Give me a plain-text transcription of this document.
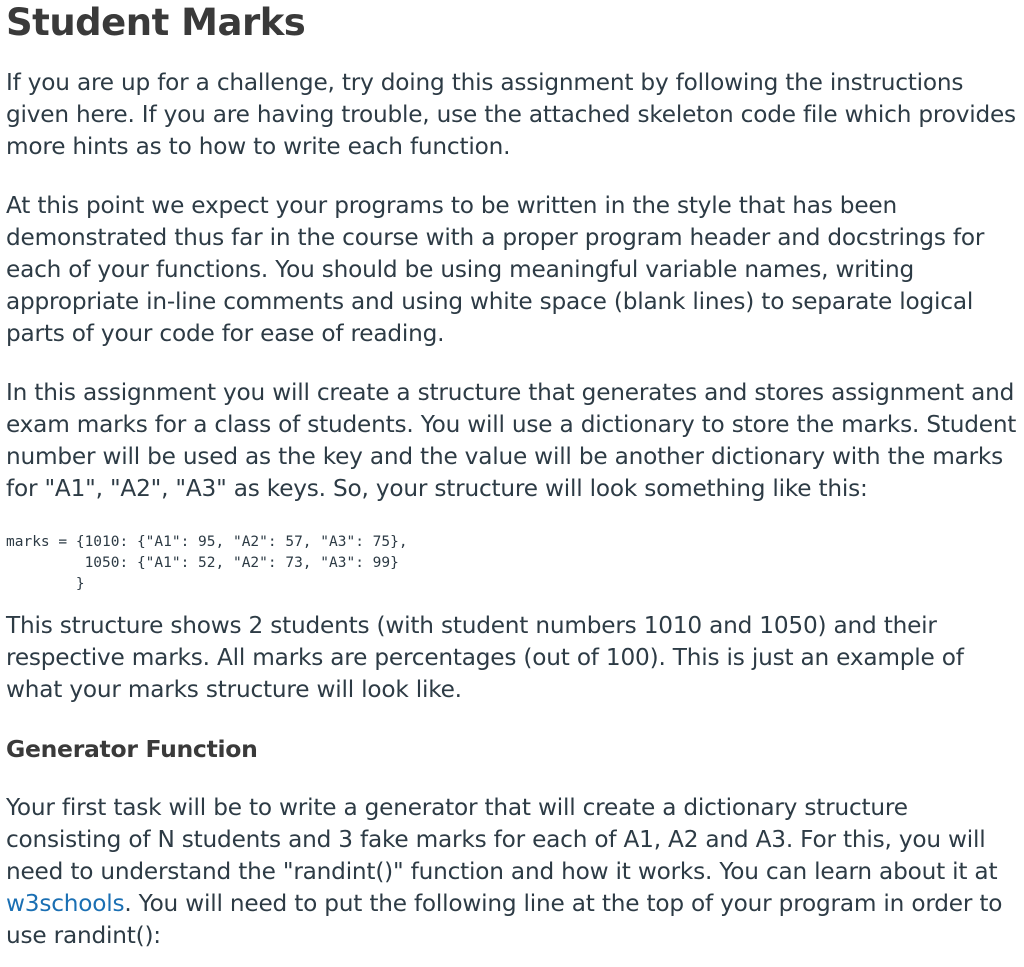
Student Marks

If you are up for a challenge, try doing this assignment by following the instructions given here. If you are having trouble, use the attached skeleton code file which provides more hints as to how to write each function.

At this point we expect your programs to be written in the style that has been demonstrated thus far in the course with a proper program header and docstrings for each of your functions. You should be using meaningful variable names, writing appropriate in-line comments and using white space (blank lines) to separate logical parts of your code for ease of reading.

In this assignment you will create a structure that generates and stores assignment and exam marks for a class of students. You will use a dictionary to store the marks. Student number will be used as the key and the value will be another dictionary with the marks for "A1", "A2", "A3" as keys. So, your structure will look something like this:

marks = {1010: {"A1": 95, "A2": 57, "A3": 75},
1050: {"A1": 52, "A2": 73, "A3": 99}
}

This structure shows 2 students (with student numbers 1010 and 1050) and their respective marks. All marks are percentages (out of 100). This is just an example of what your marks structure will look like.

Generator Function

Your first task will be to write a generator that will create a dictionary structure consisting of N students and 3 fake marks for each of A1, A2 and A3. For this, you will need to understand the "randint()" function and how it works. You can learn about it at w3schools. You will need to put the following line at the top of your program in order to use randint():
